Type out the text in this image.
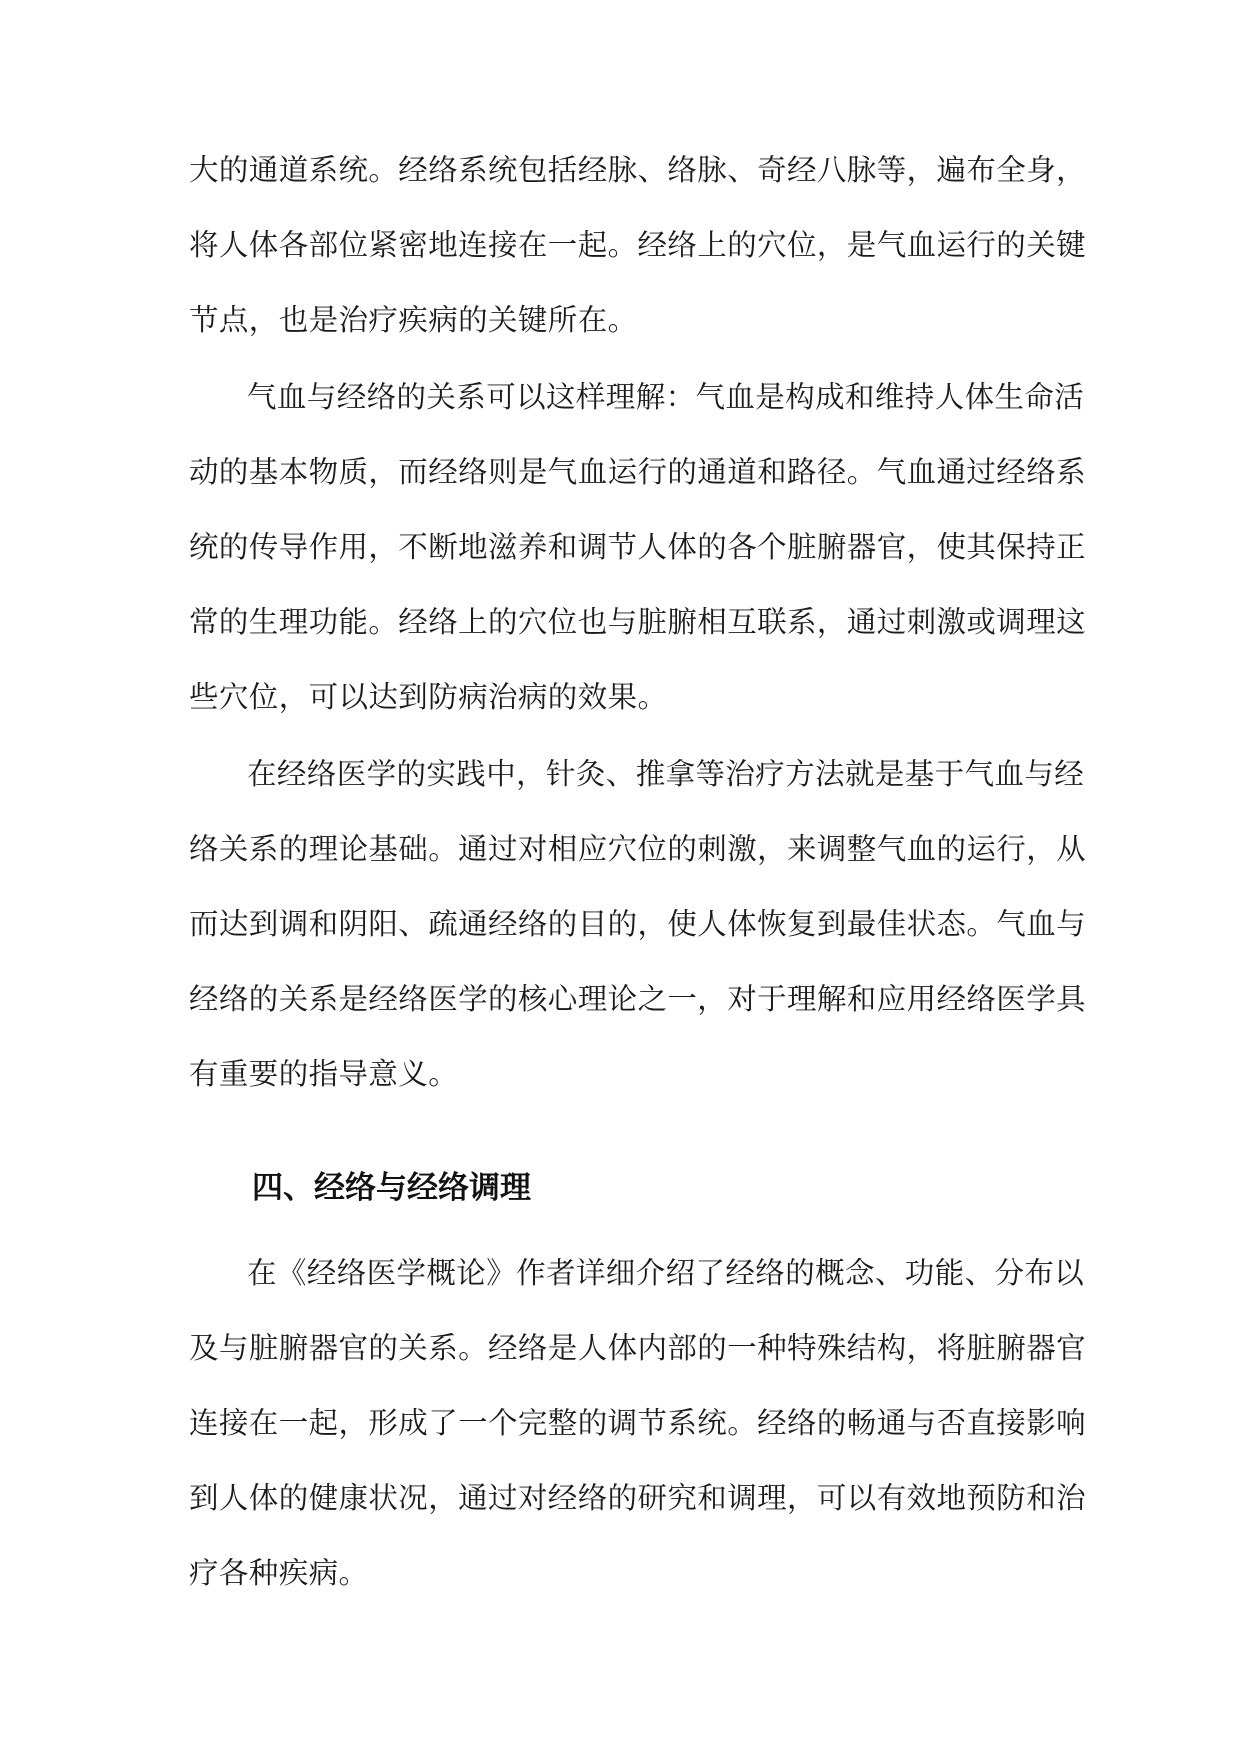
大的通道系统。经络系统包括经脉、络脉、奇经八脉等，遍布全身，
将人体各部位紧密地连接在一起。经络上的穴位，是气血运行的关键
节点，也是治疗疾病的关键所在。
气血与经络的关系可以这样理解：气血是构成和维持人体生命活
动的基本物质，而经络则是气血运行的通道和路径。气血通过经络系
统的传导作用，不断地滋养和调节人体的各个脏腑器官，使其保持正
常的生理功能。经络上的穴位也与脏腑相互联系，通过刺激或调理这
些穴位，可以达到防病治病的效果。
在经络医学的实践中，针灸、推拿等治疗方法就是基于气血与经
络关系的理论基础。通过对相应穴位的刺激，来调整气血的运行，从
而达到调和阴阳、疏通经络的目的，使人体恢复到最佳状态。气血与
经络的关系是经络医学的核心理论之一，对于理解和应用经络医学具
有重要的指导意义。
四、经络与经络调理
在《经络医学概论》作者详细介绍了经络的概念、功能、分布以
及与脏腑器官的关系。经络是人体内部的一种特殊结构，将脏腑器官
连接在一起，形成了一个完整的调节系统。经络的畅通与否直接影响
到人体的健康状况，通过对经络的研究和调理，可以有效地预防和治
疗各种疾病。
